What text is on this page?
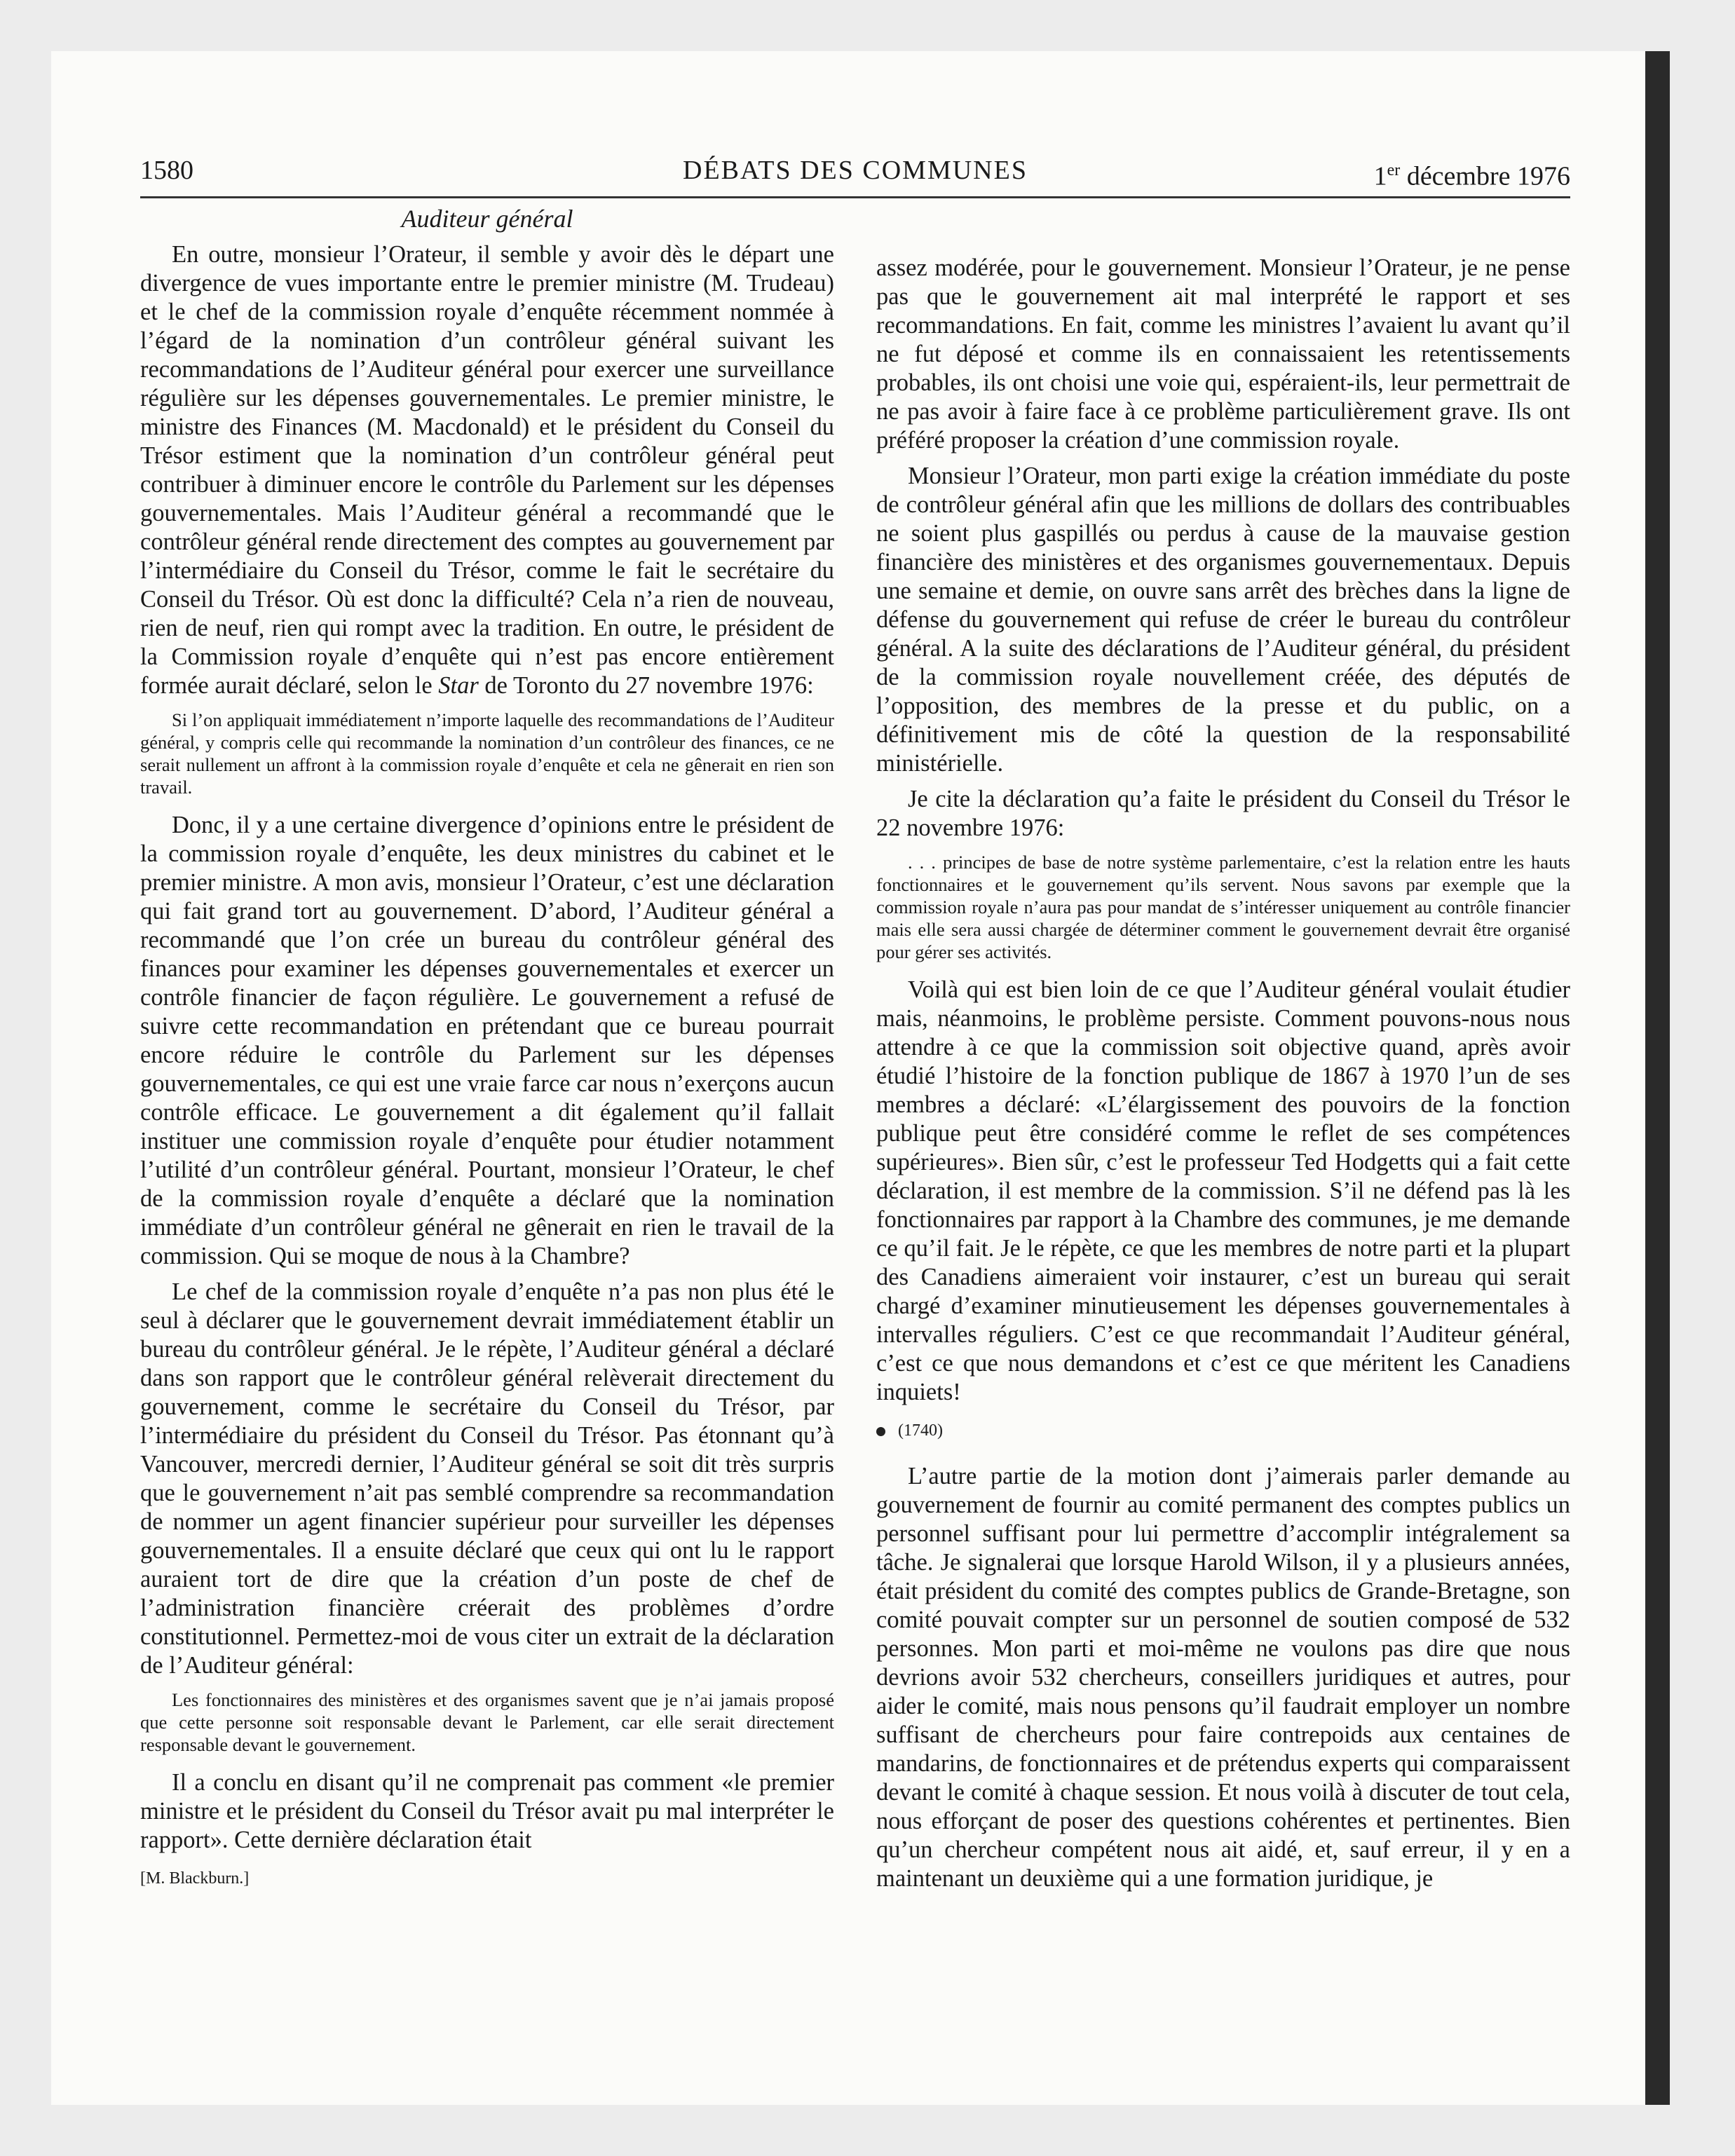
1580	DÉBATS DES COMMUNES	1er décembre 1976

Auditeur général

En outre, monsieur l’Orateur, il semble y avoir dès le départ une divergence de vues importante entre le premier ministre (M. Trudeau) et le chef de la commission royale d’enquête récemment nommée à l’égard de la nomination d’un contrôleur général suivant les recommandations de l’Auditeur général pour exercer une surveillance régulière sur les dépenses gouvernementales. Le premier ministre, le ministre des Finances (M. Macdonald) et le président du Conseil du Trésor estiment que la nomination d’un contrôleur général peut contribuer à diminuer encore le contrôle du Parlement sur les dépenses gouvernementales. Mais l’Auditeur général a recommandé que le contrôleur général rende directement des comptes au gouvernement par l’intermédiaire du Conseil du Trésor, comme le fait le secrétaire du Conseil du Trésor. Où est donc la difficulté? Cela n’a rien de nouveau, rien de neuf, rien qui rompt avec la tradition. En outre, le président de la Commission royale d’enquête qui n’est pas encore entièrement formée aurait déclaré, selon le Star de Toronto du 27 novembre 1976:

Si l’on appliquait immédiatement n’importe laquelle des recommandations de l’Auditeur général, y compris celle qui recommande la nomination d’un contrôleur des finances, ce ne serait nullement un affront à la commission royale d’enquête et cela ne gênerait en rien son travail.

Donc, il y a une certaine divergence d’opinions entre le président de la commission royale d’enquête, les deux ministres du cabinet et le premier ministre. A mon avis, monsieur l’Orateur, c’est une déclaration qui fait grand tort au gouvernement. D’abord, l’Auditeur général a recommandé que l’on crée un bureau du contrôleur général des finances pour examiner les dépenses gouvernementales et exercer un contrôle financier de façon régulière. Le gouvernement a refusé de suivre cette recommandation en prétendant que ce bureau pourrait encore réduire le contrôle du Parlement sur les dépenses gouvernementales, ce qui est une vraie farce car nous n’exerçons aucun contrôle efficace. Le gouvernement a dit également qu’il fallait instituer une commission royale d’enquête pour étudier notamment l’utilité d’un contrôleur général. Pourtant, monsieur l’Orateur, le chef de la commission royale d’enquête a déclaré que la nomination immédiate d’un contrôleur général ne gênerait en rien le travail de la commission. Qui se moque de nous à la Chambre?

Le chef de la commission royale d’enquête n’a pas non plus été le seul à déclarer que le gouvernement devrait immédiatement établir un bureau du contrôleur général. Je le répète, l’Auditeur général a déclaré dans son rapport que le contrôleur général relèverait directement du gouvernement, comme le secrétaire du Conseil du Trésor, par l’intermédiaire du président du Conseil du Trésor. Pas étonnant qu’à Vancouver, mercredi dernier, l’Auditeur général se soit dit très surpris que le gouvernement n’ait pas semblé comprendre sa recommandation de nommer un agent financier supérieur pour surveiller les dépenses gouvernementales. Il a ensuite déclaré que ceux qui ont lu le rapport auraient tort de dire que la création d’un poste de chef de l’administration financière créerait des problèmes d’ordre constitutionnel. Permettez-moi de vous citer un extrait de la déclaration de l’Auditeur général:

Les fonctionnaires des ministères et des organismes savent que je n’ai jamais proposé que cette personne soit responsable devant le Parlement, car elle serait directement responsable devant le gouvernement.

Il a conclu en disant qu’il ne comprenait pas comment «le premier ministre et le président du Conseil du Trésor avait pu mal interpréter le rapport». Cette dernière déclaration était

[M. Blackburn.]

assez modérée, pour le gouvernement. Monsieur l’Orateur, je ne pense pas que le gouvernement ait mal interprété le rapport et ses recommandations. En fait, comme les ministres l’avaient lu avant qu’il ne fut déposé et comme ils en connaissaient les retentissements probables, ils ont choisi une voie qui, espéraient-ils, leur permettrait de ne pas avoir à faire face à ce problème particulièrement grave. Ils ont préféré proposer la création d’une commission royale.

Monsieur l’Orateur, mon parti exige la création immédiate du poste de contrôleur général afin que les millions de dollars des contribuables ne soient plus gaspillés ou perdus à cause de la mauvaise gestion financière des ministères et des organismes gouvernementaux. Depuis une semaine et demie, on ouvre sans arrêt des brèches dans la ligne de défense du gouvernement qui refuse de créer le bureau du contrôleur général. A la suite des déclarations de l’Auditeur général, du président de la commission royale nouvellement créée, des députés de l’opposition, des membres de la presse et du public, on a définitivement mis de côté la question de la responsabilité ministérielle.

Je cite la déclaration qu’a faite le président du Conseil du Trésor le 22 novembre 1976:

. . . principes de base de notre système parlementaire, c’est la relation entre les hauts fonctionnaires et le gouvernement qu’ils servent. Nous savons par exemple que la commission royale n’aura pas pour mandat de s’intéresser uniquement au contrôle financier mais elle sera aussi chargée de déterminer comment le gouvernement devrait être organisé pour gérer ses activités.

Voilà qui est bien loin de ce que l’Auditeur général voulait étudier mais, néanmoins, le problème persiste. Comment pouvons-nous nous attendre à ce que la commission soit objective quand, après avoir étudié l’histoire de la fonction publique de 1867 à 1970 l’un de ses membres a déclaré: «L’élargissement des pouvoirs de la fonction publique peut être considéré comme le reflet de ses compétences supérieures». Bien sûr, c’est le professeur Ted Hodgetts qui a fait cette déclaration, il est membre de la commission. S’il ne défend pas là les fonctionnaires par rapport à la Chambre des communes, je me demande ce qu’il fait. Je le répète, ce que les membres de notre parti et la plupart des Canadiens aimeraient voir instaurer, c’est un bureau qui serait chargé d’examiner minutieusement les dépenses gouvernementales à intervalles réguliers. C’est ce que recommandait l’Auditeur général, c’est ce que nous demandons et c’est ce que méritent les Canadiens inquiets!

(1740)

L’autre partie de la motion dont j’aimerais parler demande au gouvernement de fournir au comité permanent des comptes publics un personnel suffisant pour lui permettre d’accomplir intégralement sa tâche. Je signalerai que lorsque Harold Wilson, il y a plusieurs années, était président du comité des comptes publics de Grande-Bretagne, son comité pouvait compter sur un personnel de soutien composé de 532 personnes. Mon parti et moi-même ne voulons pas dire que nous devrions avoir 532 chercheurs, conseillers juridiques et autres, pour aider le comité, mais nous pensons qu’il faudrait employer un nombre suffisant de chercheurs pour faire contrepoids aux centaines de mandarins, de fonctionnaires et de prétendus experts qui comparaissent devant le comité à chaque session. Et nous voilà à discuter de tout cela, nous efforçant de poser des questions cohérentes et pertinentes. Bien qu’un chercheur compétent nous ait aidé, et, sauf erreur, il y en a maintenant un deuxième qui a une formation juridique, je
